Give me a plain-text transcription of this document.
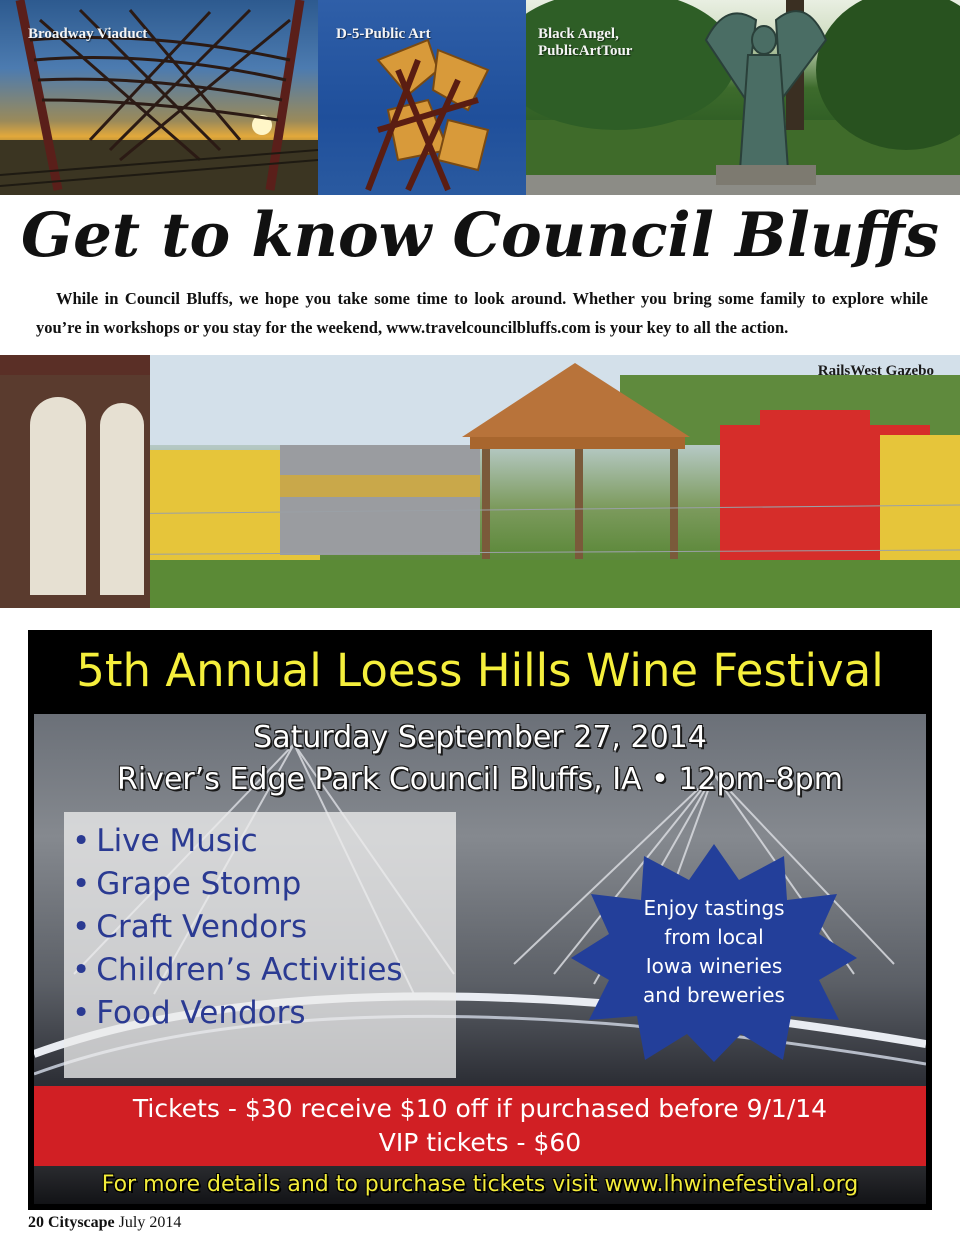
Broadway Viaduct	D-5-Public Art	Black Angel,
PublicArtTour
Get to know Council Bluffs

While in Council Bluffs, we hope you take some time to look around. Whether you bring some family to explore while you’re in workshops or you stay for the weekend, www.travelcouncilbluffs.com is your key to all the action.

RailsWest Gazebo
5th Annual Loess Hills Wine Festival
Saturday September 27, 2014
River’s Edge Park Council Bluffs, IA • 12pm-8pm
• Live Music
• Grape Stomp
• Craft Vendors
• Children’s Activities
• Food Vendors
Enjoy tastings
from local
Iowa wineries
and breweries
Tickets - $30 receive $10 off if purchased before 9/1/14
VIP tickets - $60
For more details and to purchase tickets visit www.lhwinefestival.org
20 Cityscape July 2014
